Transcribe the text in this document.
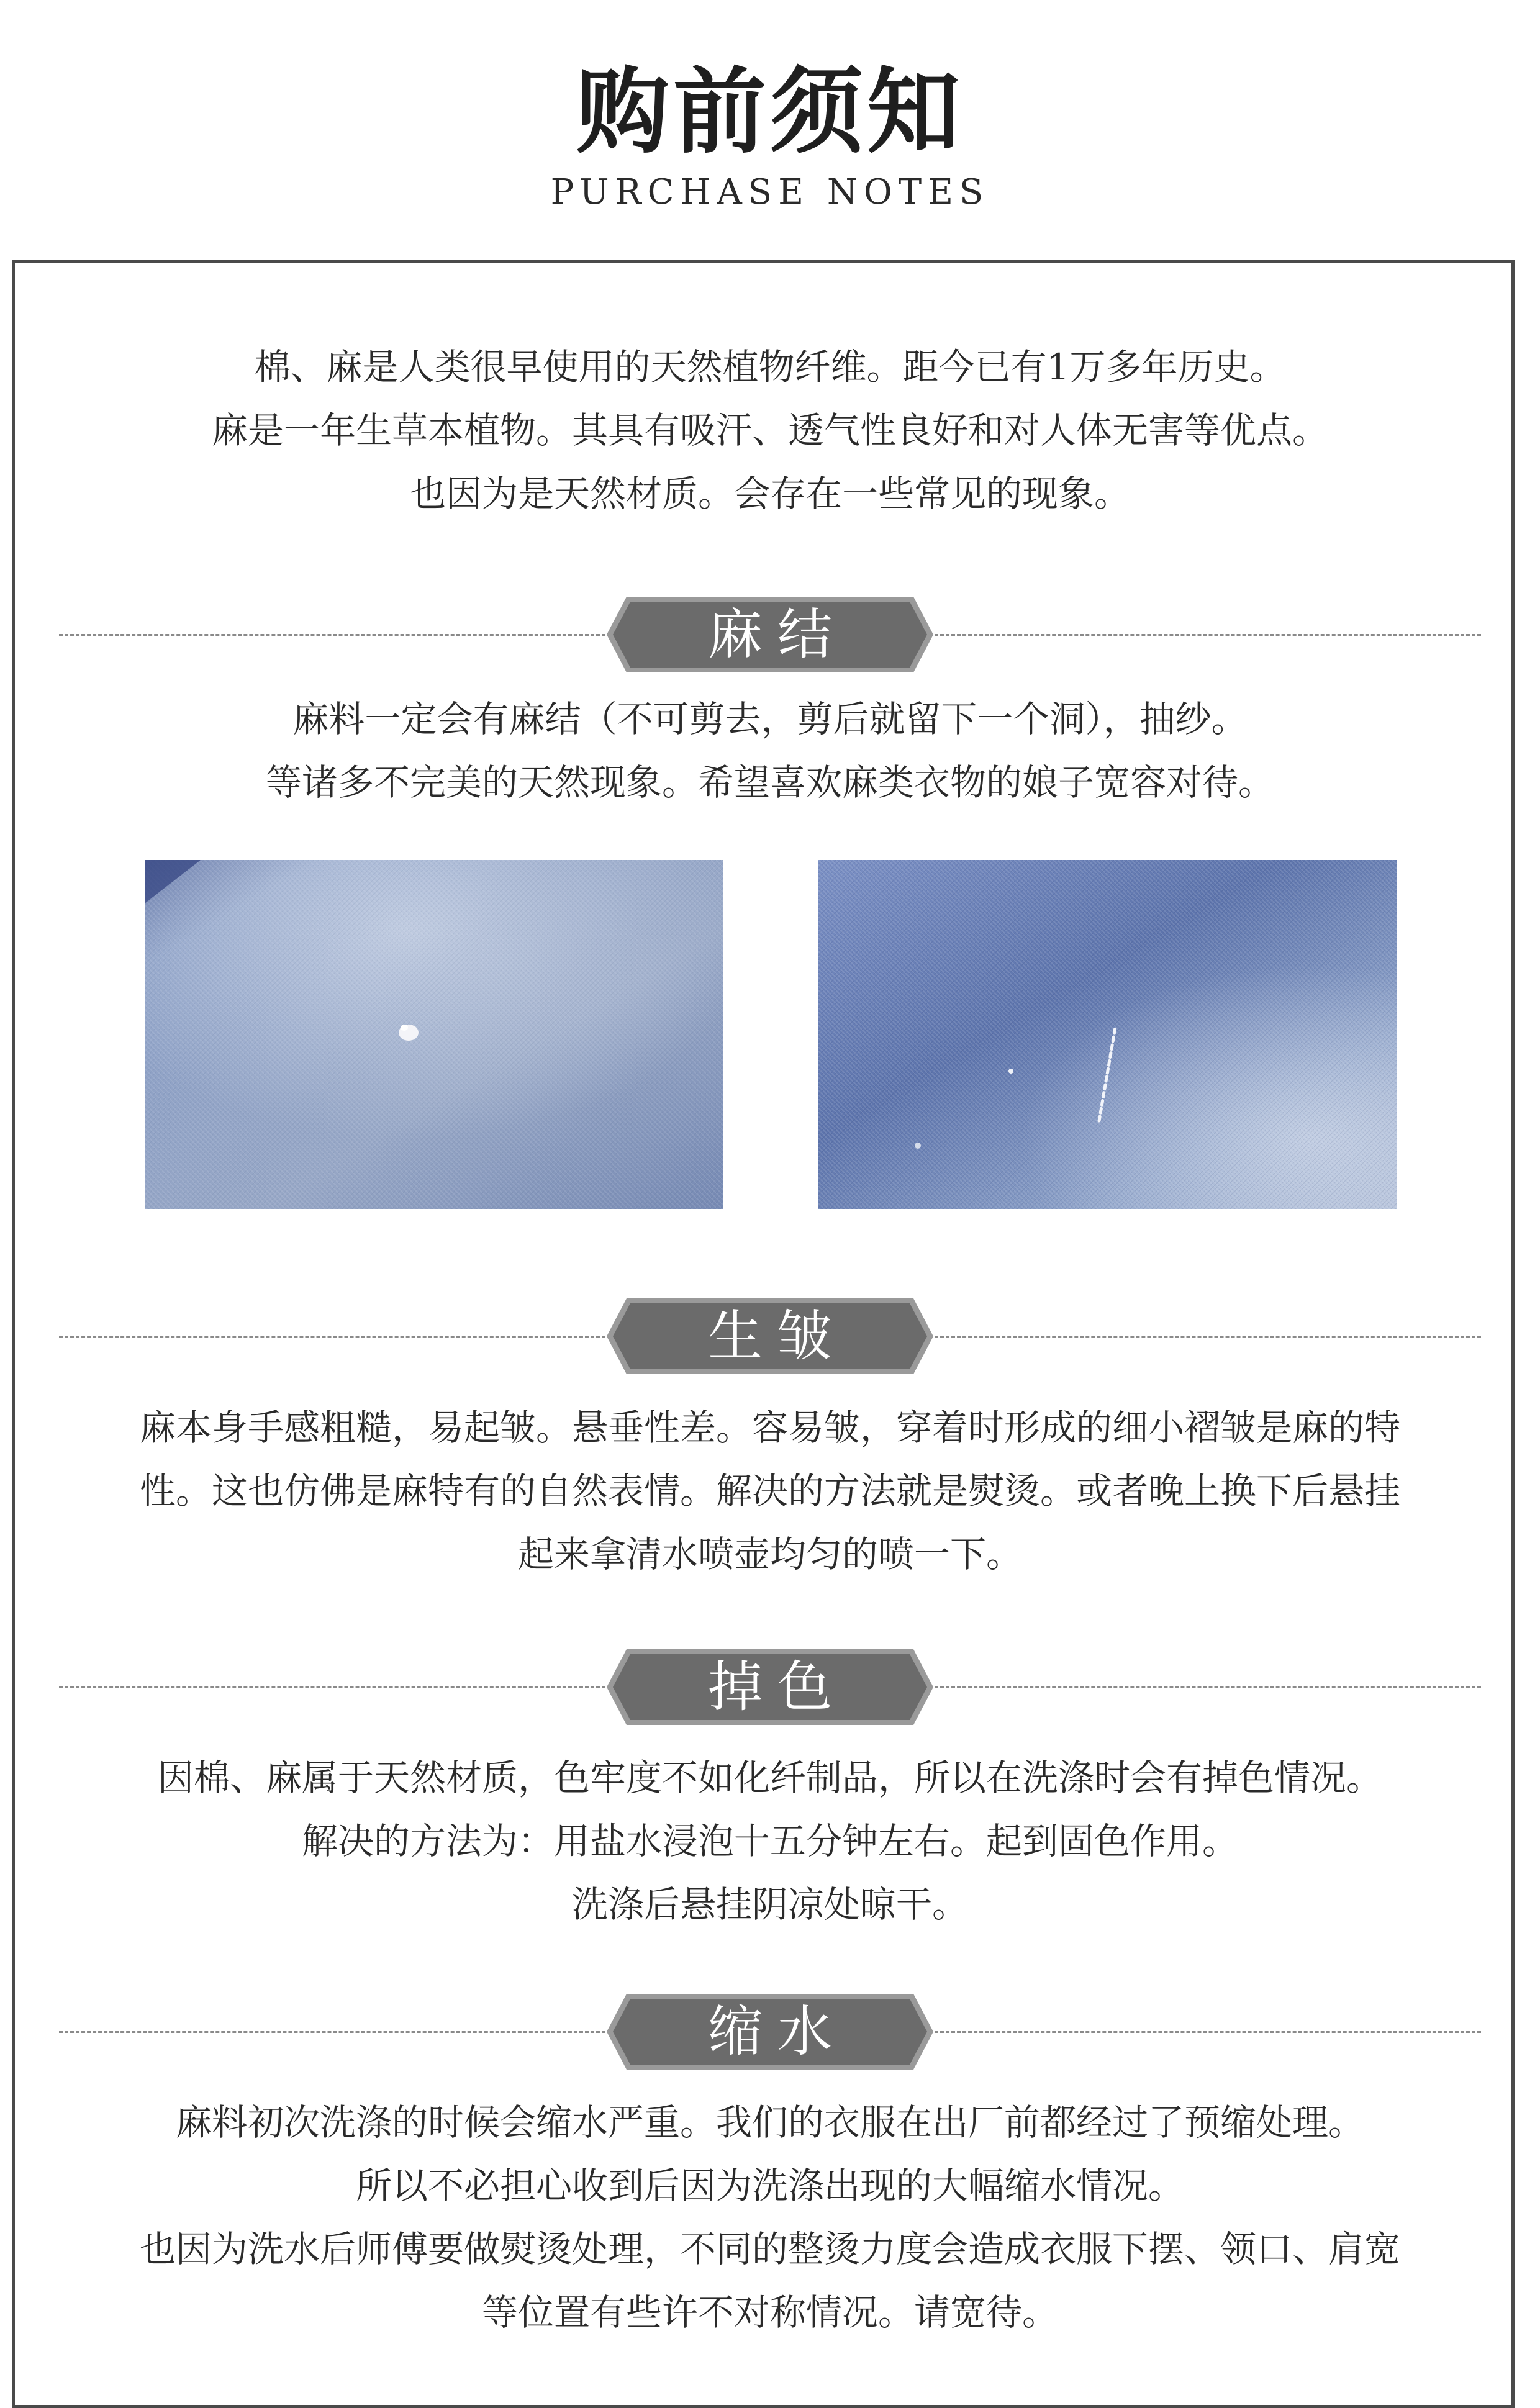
购前须知
PURCHASE NOTES
棉、麻是人类很早使用的天然植物纤维。距今已有1万多年历史。
麻是一年生草本植物。其具有吸汗、透气性良好和对人体无害等优点。
也因为是天然材质。会存在一些常见的现象。
麻结
麻料一定会有麻结（不可剪去，剪后就留下一个洞），抽纱。
等诸多不完美的天然现象。希望喜欢麻类衣物的娘子宽容对待。
生皱
麻本身手感粗糙，易起皱。悬垂性差。容易皱，穿着时形成的细小褶皱是麻的特
性。这也仿佛是麻特有的自然表情。解决的方法就是熨烫。或者晚上换下后悬挂
起来拿清水喷壶均匀的喷一下。
掉色
因棉、麻属于天然材质，色牢度不如化纤制品，所以在洗涤时会有掉色情况。
解决的方法为：用盐水浸泡十五分钟左右。起到固色作用。
洗涤后悬挂阴凉处晾干。
缩水
麻料初次洗涤的时候会缩水严重。我们的衣服在出厂前都经过了预缩处理。
所以不必担心收到后因为洗涤出现的大幅缩水情况。
也因为洗水后师傅要做熨烫处理，不同的整烫力度会造成衣服下摆、领口、肩宽
等位置有些许不对称情况。请宽待。
